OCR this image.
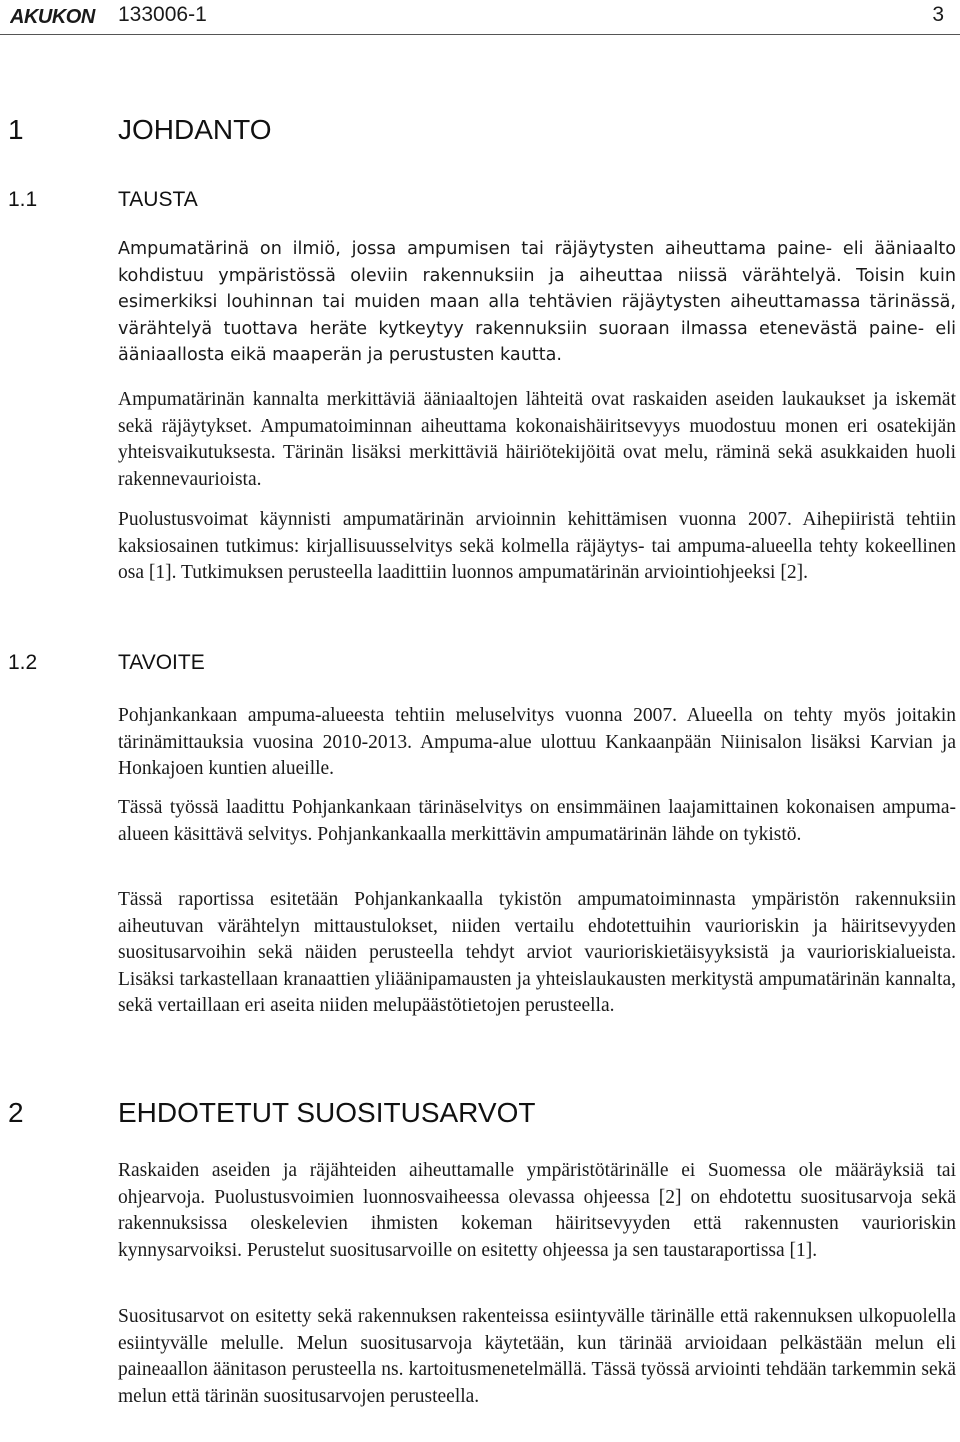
AKUKON 133006-1	3
1	JOHDANTO
1.1	TAUSTA

Ampumatärinä on ilmiö, jossa ampumisen tai räjäytysten aiheuttama paine- eli ääniaalto kohdistuu ympäristössä oleviin rakennuksiin ja aiheuttaa niissä värähtelyä. Toisin kuin esimerkiksi louhinnan tai muiden maan alla tehtävien räjäytysten aiheuttamassa tärinässä, värähtelyä tuottava heräte kytkeytyy rakennuksiin suoraan ilmassa etenevästä paine- eli ääniaallosta eikä maaperän ja perustusten kautta.

Ampumatärinän kannalta merkittäviä ääniaaltojen lähteitä ovat raskaiden aseiden laukaukset ja iskemät sekä räjäytykset. Ampumatoiminnan aiheuttama kokonaishäiritsevyys muodostuu monen eri osatekijän yhteisvaikutuksesta. Tärinän lisäksi merkittäviä häiriötekijöitä ovat melu, räminä sekä asukkaiden huoli rakennevaurioista.

Puolustusvoimat käynnisti ampumatärinän arvioinnin kehittämisen vuonna 2007. Aihepiiristä tehtiin kaksiosainen tutkimus: kirjallisuusselvitys sekä kolmella räjäytys- tai ampuma-alueella tehty kokeellinen osa [1]. Tutkimuksen perusteella laadittiin luonnos ampumatärinän arviointiohjeeksi [2].

1.2	TAVOITE

Pohjankankaan ampuma-alueesta tehtiin meluselvitys vuonna 2007. Alueella on tehty myös joitakin tärinämittauksia vuosina 2010-2013. Ampuma-alue ulottuu Kankaanpään Niinisalon lisäksi Karvian ja Honkajoen kuntien alueille.

Tässä työssä laadittu Pohjankankaan tärinäselvitys on ensimmäinen laajamittainen kokonaisen ampuma-alueen käsittävä selvitys. Pohjankankaalla merkittävin ampumatärinän lähde on tykistö.

Tässä raportissa esitetään Pohjankankaalla tykistön ampumatoiminnasta ympäristön rakennuksiin aiheutuvan värähtelyn mittaustulokset, niiden vertailu ehdotettuihin vaurioriskin ja häiritsevyyden suositusarvoihin sekä näiden perusteella tehdyt arviot vaurioriskietäisyyksistä ja vaurioriskialueista. Lisäksi tarkastellaan kranaattien yliäänipamausten ja yhteislaukausten merkitystä ampumatärinän kannalta, sekä vertaillaan eri aseita niiden melupäästötietojen perusteella.

2	EHDOTETUT SUOSITUSARVOT

Raskaiden aseiden ja räjähteiden aiheuttamalle ympäristötärinälle ei Suomessa ole määräyksiä tai ohjearvoja. Puolustusvoimien luonnosvaiheessa olevassa ohjeessa [2] on ehdotettu suositusarvoja sekä rakennuksissa oleskelevien ihmisten kokeman häiritsevyyden että rakennusten vaurioriskin kynnysarvoiksi. Perustelut suositusarvoille on esitetty ohjeessa ja sen taustaraportissa [1].

Suositusarvot on esitetty sekä rakennuksen rakenteissa esiintyvälle tärinälle että rakennuksen ulkopuolella esiintyvälle melulle. Melun suositusarvoja käytetään, kun tärinää arvioidaan pelkästään melun eli paineaallon äänitason perusteella ns. kartoitusmenetelmällä. Tässä työssä arviointi tehdään tarkemmin sekä melun että tärinän suositusarvojen perusteella.
